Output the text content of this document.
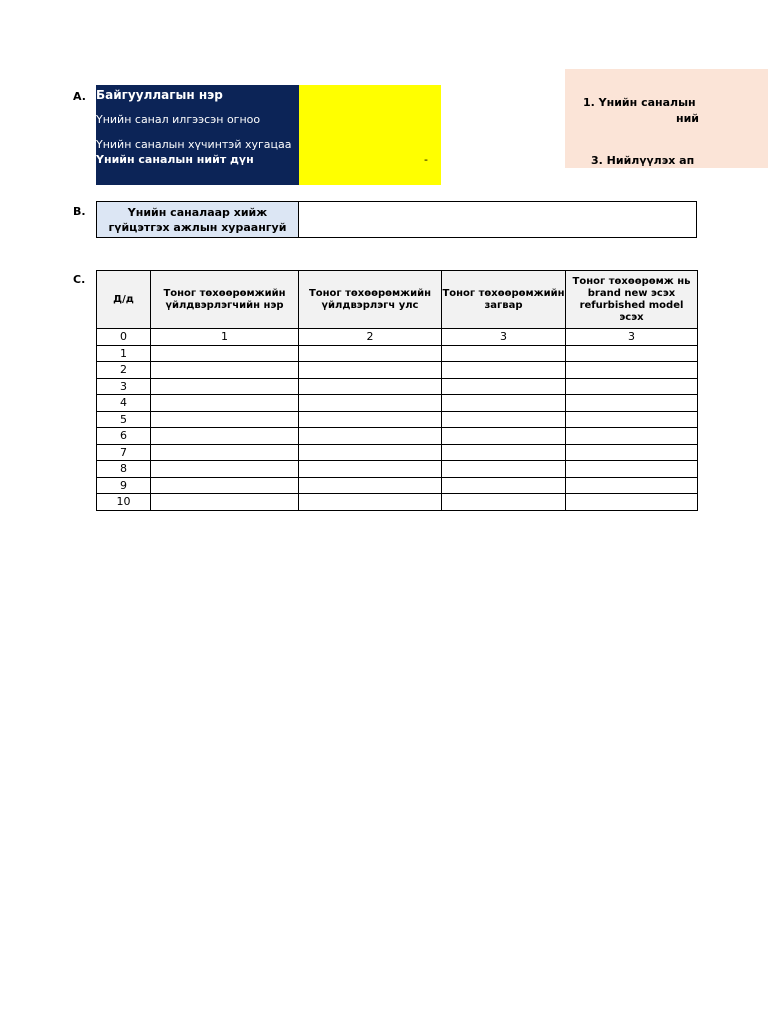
A. Байгууллагын нэр
Үнийн санал илгээсэн огноо
Үнийн саналын хүчинтэй хугацаа
Үнийн саналын нийт дүн	-
1. Үнийн саналын
ний
3. Нийлүүлэх ап
B.	Үнийн саналаар хийж гүйцэтгэх ажлын хураангуй
C.
Д/д	Тоног төхөөрөмжийн үйлдвэрлэгчийн нэр	Тоног төхөөрөмжийн үйлдвэрлэгч улс	Тоног төхөөрөмжийн загвар	Тоног төхөөрөмж нь brand new эсэх refurbished model эсэх
0	1	2	3	3
1				
2				
3				
4				
5				
6				
7				
8				
9				
10				
